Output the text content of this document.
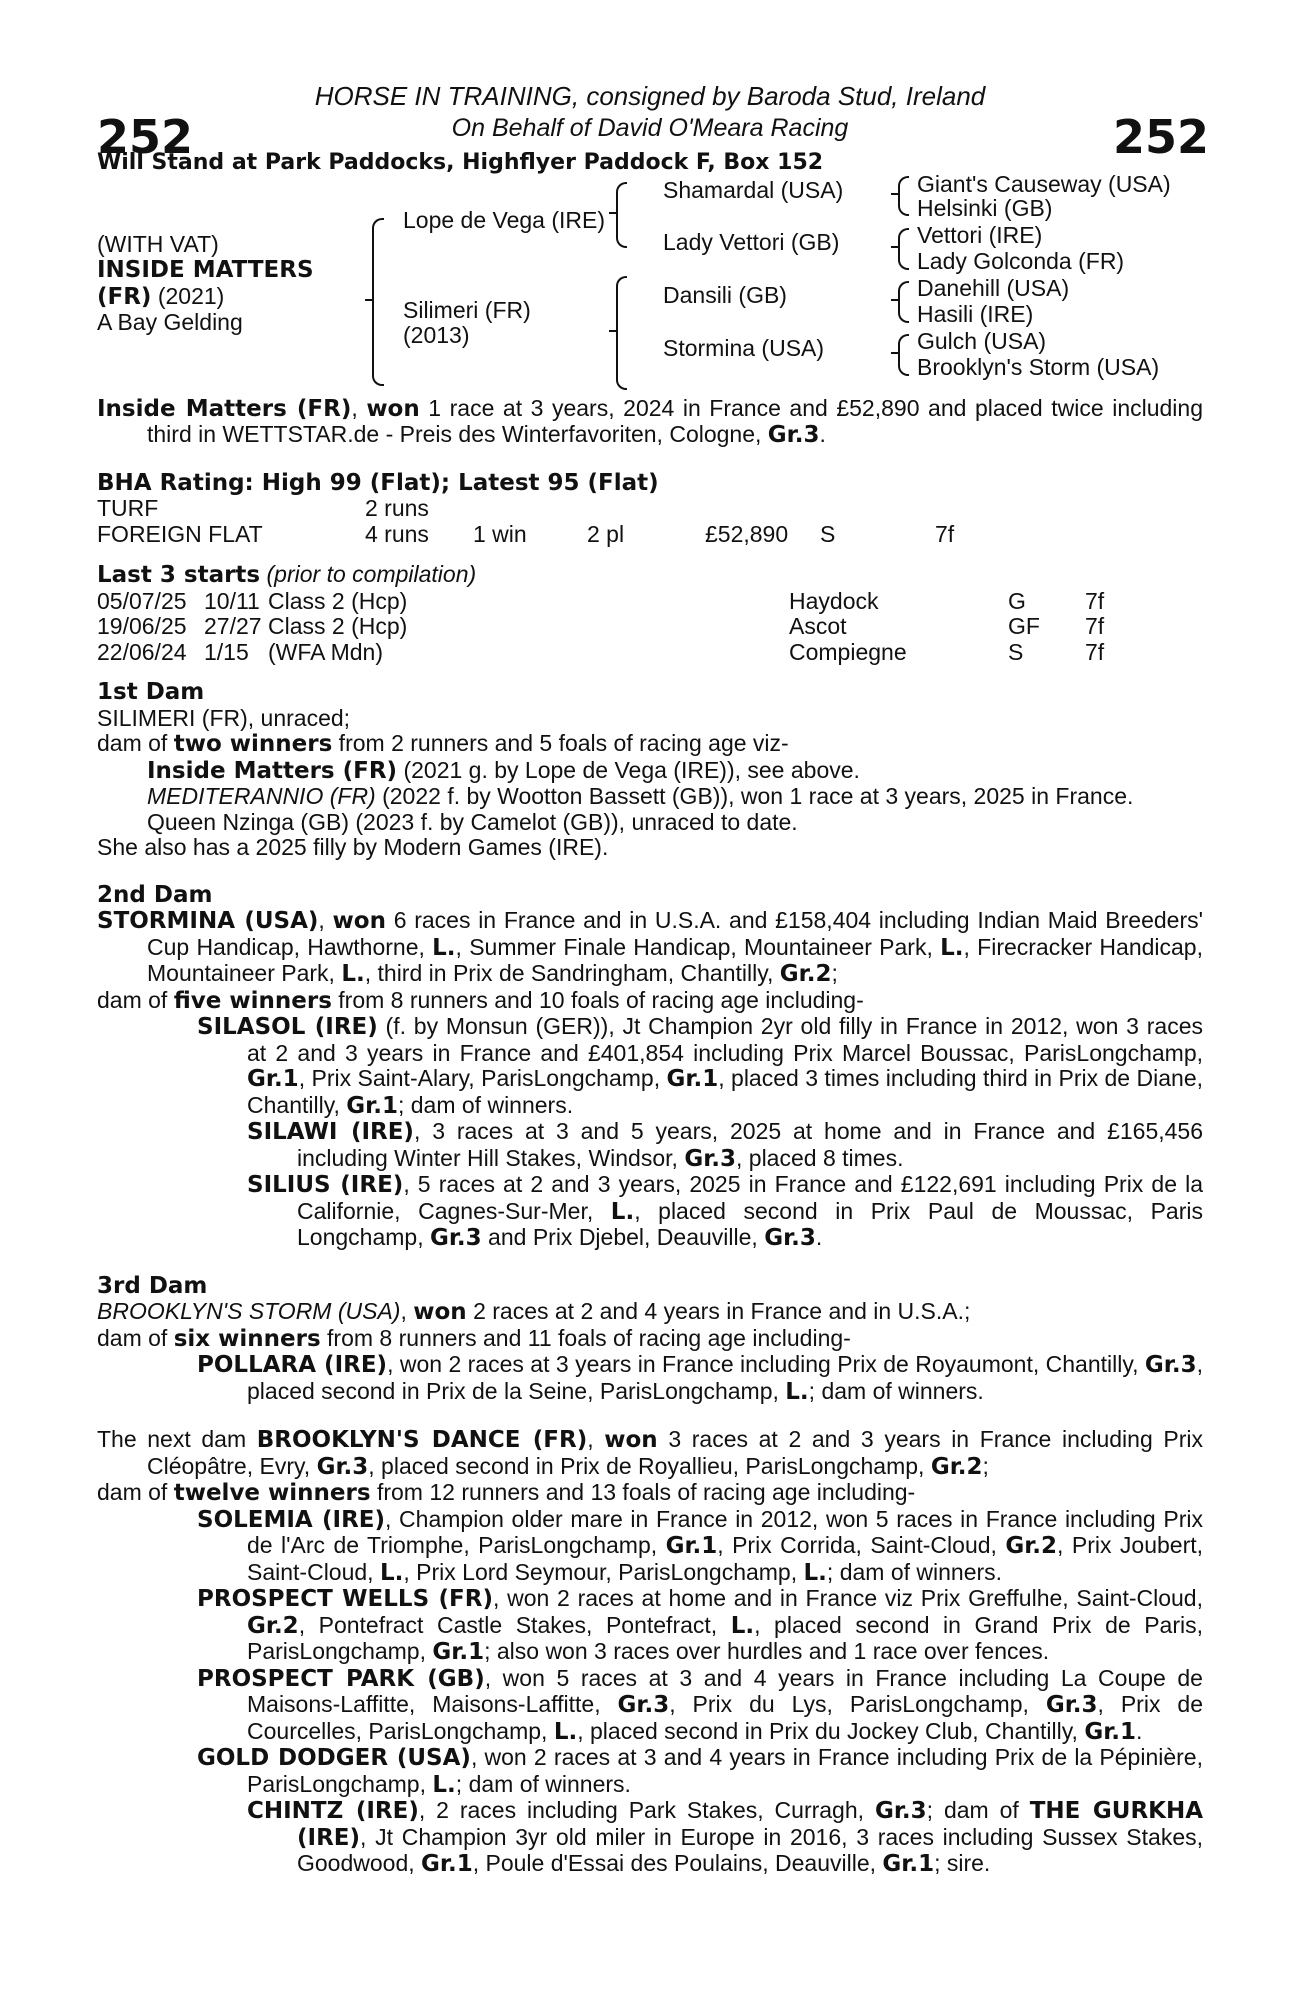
252
HORSE IN TRAINING, consigned by Baroda Stud, Ireland
On Behalf of David O'Meara Racing	252
Will Stand at Park Paddocks, Highflyer Paddock F, Box 152
(WITH VAT)
INSIDE MATTERS
(FR) (2021)
A Bay Gelding
Lope de Vega (IRE)
Silimeri (FR)
(2013)
Shamardal (USA)
Lady Vettori (GB)
Dansili (GB)
Stormina (USA)
Giant's Causeway (USA)
Helsinki (GB)
Vettori (IRE)
Lady Golconda (FR)
Danehill (USA)
Hasili (IRE)
Gulch (USA)
Brooklyn's Storm (USA)

Inside Matters (FR), won 1 race at 3 years, 2024 in France and £52,890 and placed twice including third in WETTSTAR.de - Preis des Winterfavoriten, Cologne, Gr.3.

BHA Rating: High 99 (Flat); Latest 95 (Flat)
TURF	2 runs					
FOREIGN FLAT	4 runs	1 win	2 pl	£52,890	S	7f
Last 3 starts (prior to compilation)
05/07/25	10/11	Class 2 (Hcp)	Haydock	G	7f
19/06/25	27/27	Class 2 (Hcp)	Ascot	GF	7f
22/06/24	1/15	(WFA Mdn)	Compiegne	S	7f
1st Dam

SILIMERI (FR), unraced;

dam of two winners from 2 runners and 5 foals of racing age viz-

Inside Matters (FR) (2021 g. by Lope de Vega (IRE)), see above.

MEDITERANNIO (FR) (2022 f. by Wootton Bassett (GB)), won 1 race at 3 years, 2025 in France.

Queen Nzinga (GB) (2023 f. by Camelot (GB)), unraced to date.

She also has a 2025 filly by Modern Games (IRE).

2nd Dam

STORMINA (USA), won 6 races in France and in U.S.A. and £158,404 including Indian Maid Breeders' Cup Handicap, Hawthorne, L., Summer Finale Handicap, Mountaineer Park, L., Firecracker Handicap, Mountaineer Park, L., third in Prix de Sandringham, Chantilly, Gr.2;

dam of five winners from 8 runners and 10 foals of racing age including-

SILASOL (IRE) (f. by Monsun (GER)), Jt Champion 2yr old filly in France in 2012, won 3 races at 2 and 3 years in France and £401,854 including Prix Marcel Boussac, ParisLongchamp, Gr.1, Prix Saint-Alary, ParisLongchamp, Gr.1, placed 3 times including third in Prix de Diane, Chantilly, Gr.1; dam of winners.

SILAWI (IRE), 3 races at 3 and 5 years, 2025 at home and in France and £165,456 including Winter Hill Stakes, Windsor, Gr.3, placed 8 times.

SILIUS (IRE), 5 races at 2 and 3 years, 2025 in France and £122,691 including Prix de la Californie, Cagnes-Sur-Mer, L., placed second in Prix Paul de Moussac, Paris Longchamp, Gr.3 and Prix Djebel, Deauville, Gr.3.

3rd Dam

BROOKLYN'S STORM (USA), won 2 races at 2 and 4 years in France and in U.S.A.;

dam of six winners from 8 runners and 11 foals of racing age including-

POLLARA (IRE), won 2 races at 3 years in France including Prix de Royaumont, Chantilly, Gr.3, placed second in Prix de la Seine, ParisLongchamp, L.; dam of winners.

The next dam BROOKLYN'S DANCE (FR), won 3 races at 2 and 3 years in France including Prix Cléopâtre, Evry, Gr.3, placed second in Prix de Royallieu, ParisLongchamp, Gr.2;

dam of twelve winners from 12 runners and 13 foals of racing age including-

SOLEMIA (IRE), Champion older mare in France in 2012, won 5 races in France including Prix de l'Arc de Triomphe, ParisLongchamp, Gr.1, Prix Corrida, Saint-Cloud, Gr.2, Prix Joubert, Saint-Cloud, L., Prix Lord Seymour, ParisLongchamp, L.; dam of winners.

PROSPECT WELLS (FR), won 2 races at home and in France viz Prix Greffulhe, Saint-Cloud, Gr.2, Pontefract Castle Stakes, Pontefract, L., placed second in Grand Prix de Paris, ParisLongchamp, Gr.1; also won 3 races over hurdles and 1 race over fences.

PROSPECT PARK (GB), won 5 races at 3 and 4 years in France including La Coupe de Maisons-Laffitte, Maisons-Laffitte, Gr.3, Prix du Lys, ParisLongchamp, Gr.3, Prix de Courcelles, ParisLongchamp, L., placed second in Prix du Jockey Club, Chantilly, Gr.1.

GOLD DODGER (USA), won 2 races at 3 and 4 years in France including Prix de la Pépinière, ParisLongchamp, L.; dam of winners.

CHINTZ (IRE), 2 races including Park Stakes, Curragh, Gr.3; dam of THE GURKHA (IRE), Jt Champion 3yr old miler in Europe in 2016, 3 races including Sussex Stakes, Goodwood, Gr.1, Poule d'Essai des Poulains, Deauville, Gr.1; sire.
